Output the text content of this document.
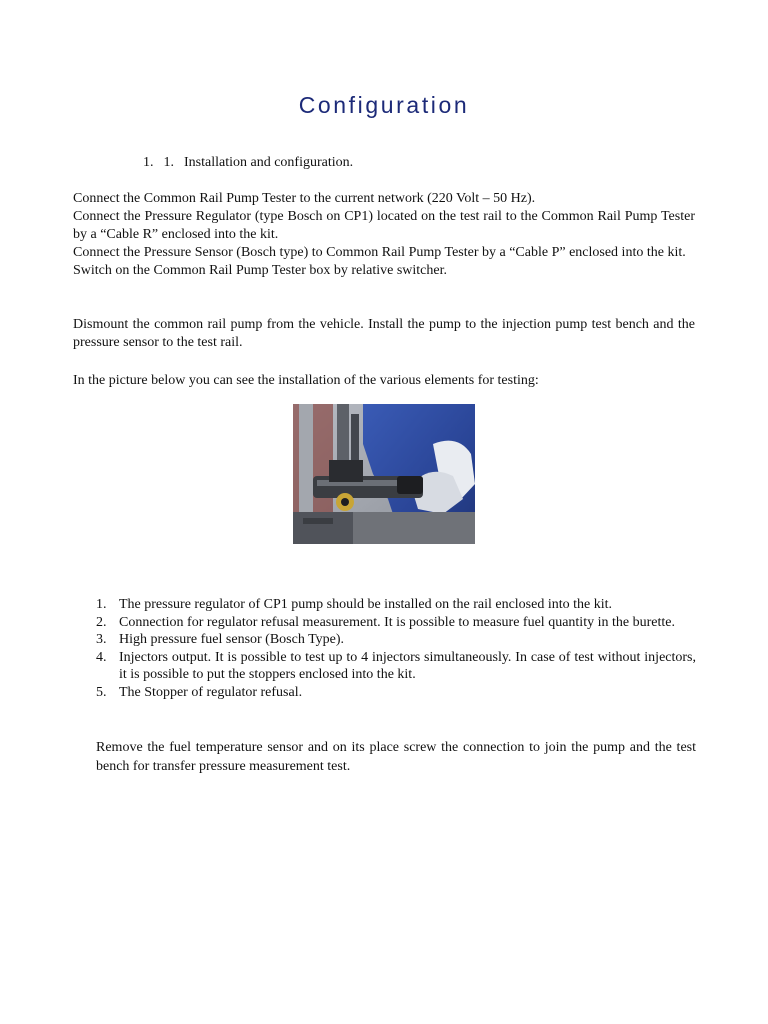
Configuration
1. 1. Installation and configuration.

Connect the Common Rail Pump Tester to the current network (220 Volt – 50 Hz).

Connect the Pressure Regulator (type Bosch on CP1) located on the test rail to the Common Rail Pump Tester by a “Cable R” enclosed into the kit.

Connect the Pressure Sensor (Bosch type) to Common Rail Pump Tester by a “Cable P” enclosed into the kit.

Switch on the Common Rail Pump Tester box by relative switcher.

Dismount the common rail pump from the vehicle. Install the pump to the injection pump test bench and the pressure sensor to the test rail.

In the picture below you can see the installation of the various elements for testing:

1. The pressure regulator of CP1 pump should be installed on the rail enclosed into the kit.
2. Connection for regulator refusal measurement. It is possible to measure fuel quantity in the burette.
3. High pressure fuel sensor (Bosch Type).
4. Injectors output. It is possible to test up to 4 injectors simultaneously. In case of test without injectors, it is possible to put the stoppers enclosed into the kit.
5. The Stopper of regulator refusal.
Remove the fuel temperature sensor and on its place screw the connection to join the pump and the test bench for transfer pressure measurement test.
